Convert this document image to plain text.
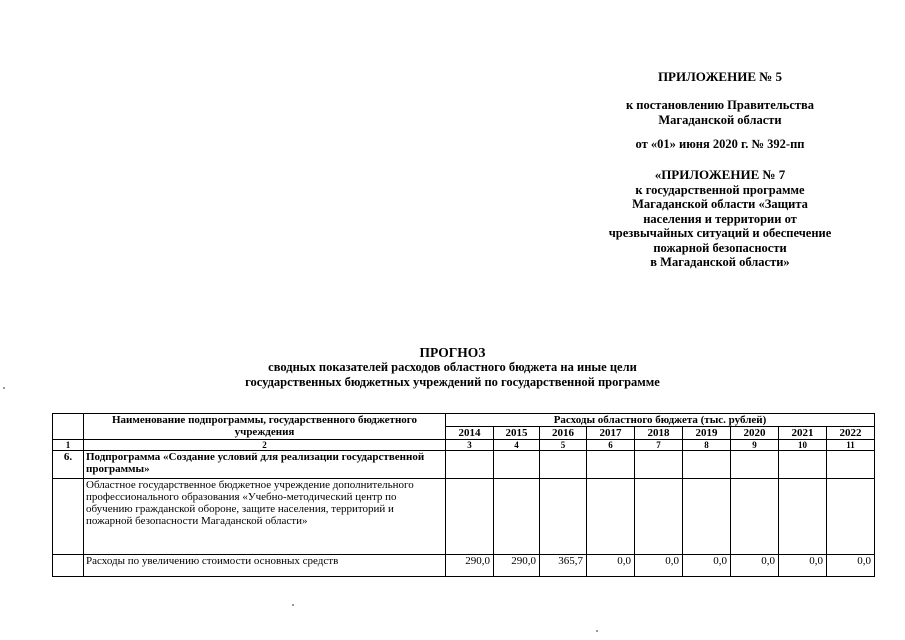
ПРИЛОЖЕНИЕ № 5
к постановлению Правительства
Магаданской области
от «01» июня 2020 г. № 392-пп
«ПРИЛОЖЕНИЕ № 7
к государственной программе
Магаданской области «Защита
населения и территории от
чрезвычайных ситуаций и обеспечение
пожарной безопасности
в Магаданской области»
ПРОГНОЗ
сводных показателей расходов областного бюджета на иные цели
государственных бюджетных учреждений по государственной программе
	Наименование подпрограммы, государственного бюджетного учреждения	Расходы областного бюджета (тыс. рублей)								
		2014	2015	2016	2017	2018	2019	2020	2021	2022
1	2	3	4	5	6	7	8	9	10	11
6.	Подпрограмма «Создание условий для реализации государственной программы»									
	Областное государственное бюджетное учреждение дополнительного профессионального образования «Учебно-методический центр по обучению гражданской обороне, защите населения, территорий и пожарной безопасности Магаданской области»									
	Расходы по увеличению стоимости основных средств	290,0	290,0	365,7	0,0	0,0	0,0	0,0	0,0	0,0
